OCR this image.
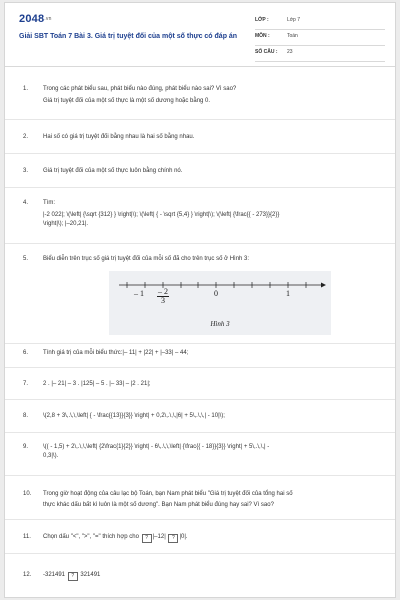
2048.vn
Giải SBT Toán 7 Bài 3. Giá trị tuyệt đối của một số thực có đáp án
LỚP :	Lớp 7
MÔN :	Toán
SỐ CÂU : 23
1.	Trong các phát biểu sau, phát biểu nào đúng, phát biểu nào sai? Vì sao?
Giá trị tuyệt đối của một số thực là một số dương hoặc bằng 0.
2.	Hai số có giá trị tuyệt đối bằng nhau là hai số bằng nhau.
3.	Giá trị tuyệt đối của một số thực luôn bằng chính nó.
4.	Tìm:
|-2 022|; \(\left| {\sqrt {312} } \right|\); \(\left| { - \sqrt {5,4} } \right|\); \(\left| {\frac{{ - 273}}{2}}
\right|\); |–20,21|.
5.	Biểu diễn trên trục số giá trị tuyệt đối của mỗi số đã cho trên trục số ở Hình 3:
– $1 \frac{- 2}{3}$	0	1
Hình 3
6.	Tính giá trị của mỗi biểu thức:|– 11| + |22| + |–33| – 44;
7.	2 . |– 21| – 3 . |125| – 5 . |– 33| – |2 . 21|;
8.	\(2,8 + 3\,.\,\,\left| { - \frac{{13}}{3}} \right| + 0,2\,.\,\,|6| + 5\,.\,\,| - 10|\);
9.	\(( - 1,5) + 2\,.\,\,\left| {2\frac{1}{2}} \right| - 6\,.\,\,\left| {\frac{{ - 18}}{3}} \right| + 5\,.\,\,| -
0,3|\).
10.	Trong giờ hoạt động của câu lạc bộ Toán, bạn Nam phát biểu "Giá trị tuyệt đối của tổng hai số
thực khác dấu bất kì luôn là một số dương". Bạn Nam phát biểu đúng hay sai? Vì sao?
11.	Chọn dấu "<", ">", "=" thích hợp cho ? |–12| ? |0|.
12.	-321491 ? 321491
